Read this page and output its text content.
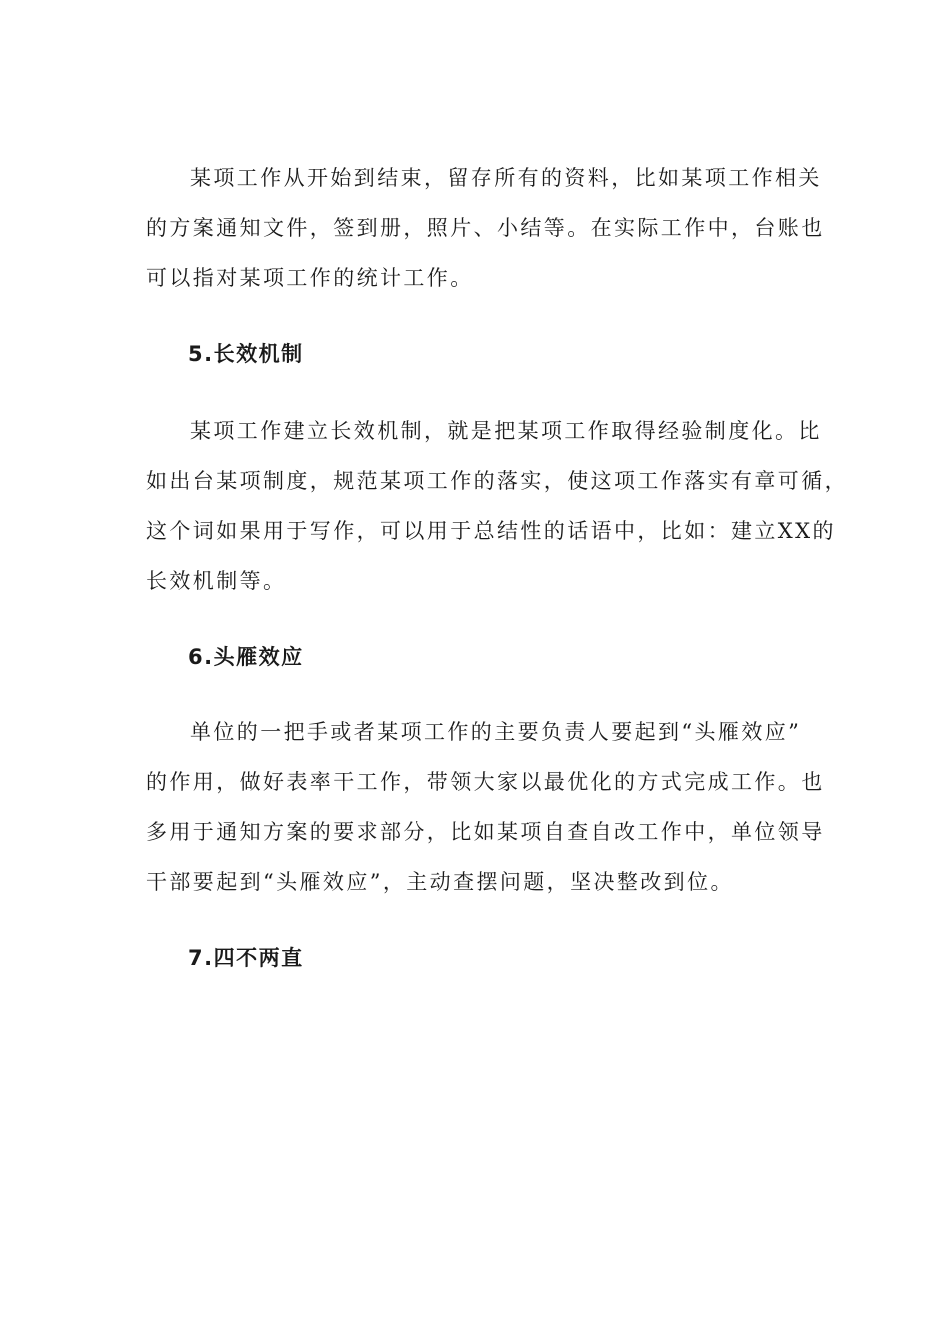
某项工作从开始到结束，留存所有的资料，比如某项工作相关
的方案通知文件，签到册，照片、小结等。在实际工作中，台账也
可以指对某项工作的统计工作。
5.长效机制
某项工作建立长效机制，就是把某项工作取得经验制度化。比
如出台某项制度，规范某项工作的落实，使这项工作落实有章可循，
这个词如果用于写作，可以用于总结性的话语中，比如：建立XX的
长效机制等。
6.头雁效应
单位的一把手或者某项工作的主要负责人要起到“头雁效应”
的作用，做好表率干工作，带领大家以最优化的方式完成工作。也
多用于通知方案的要求部分，比如某项自查自改工作中，单位领导
干部要起到“头雁效应”，主动查摆问题，坚决整改到位。
7.四不两直
